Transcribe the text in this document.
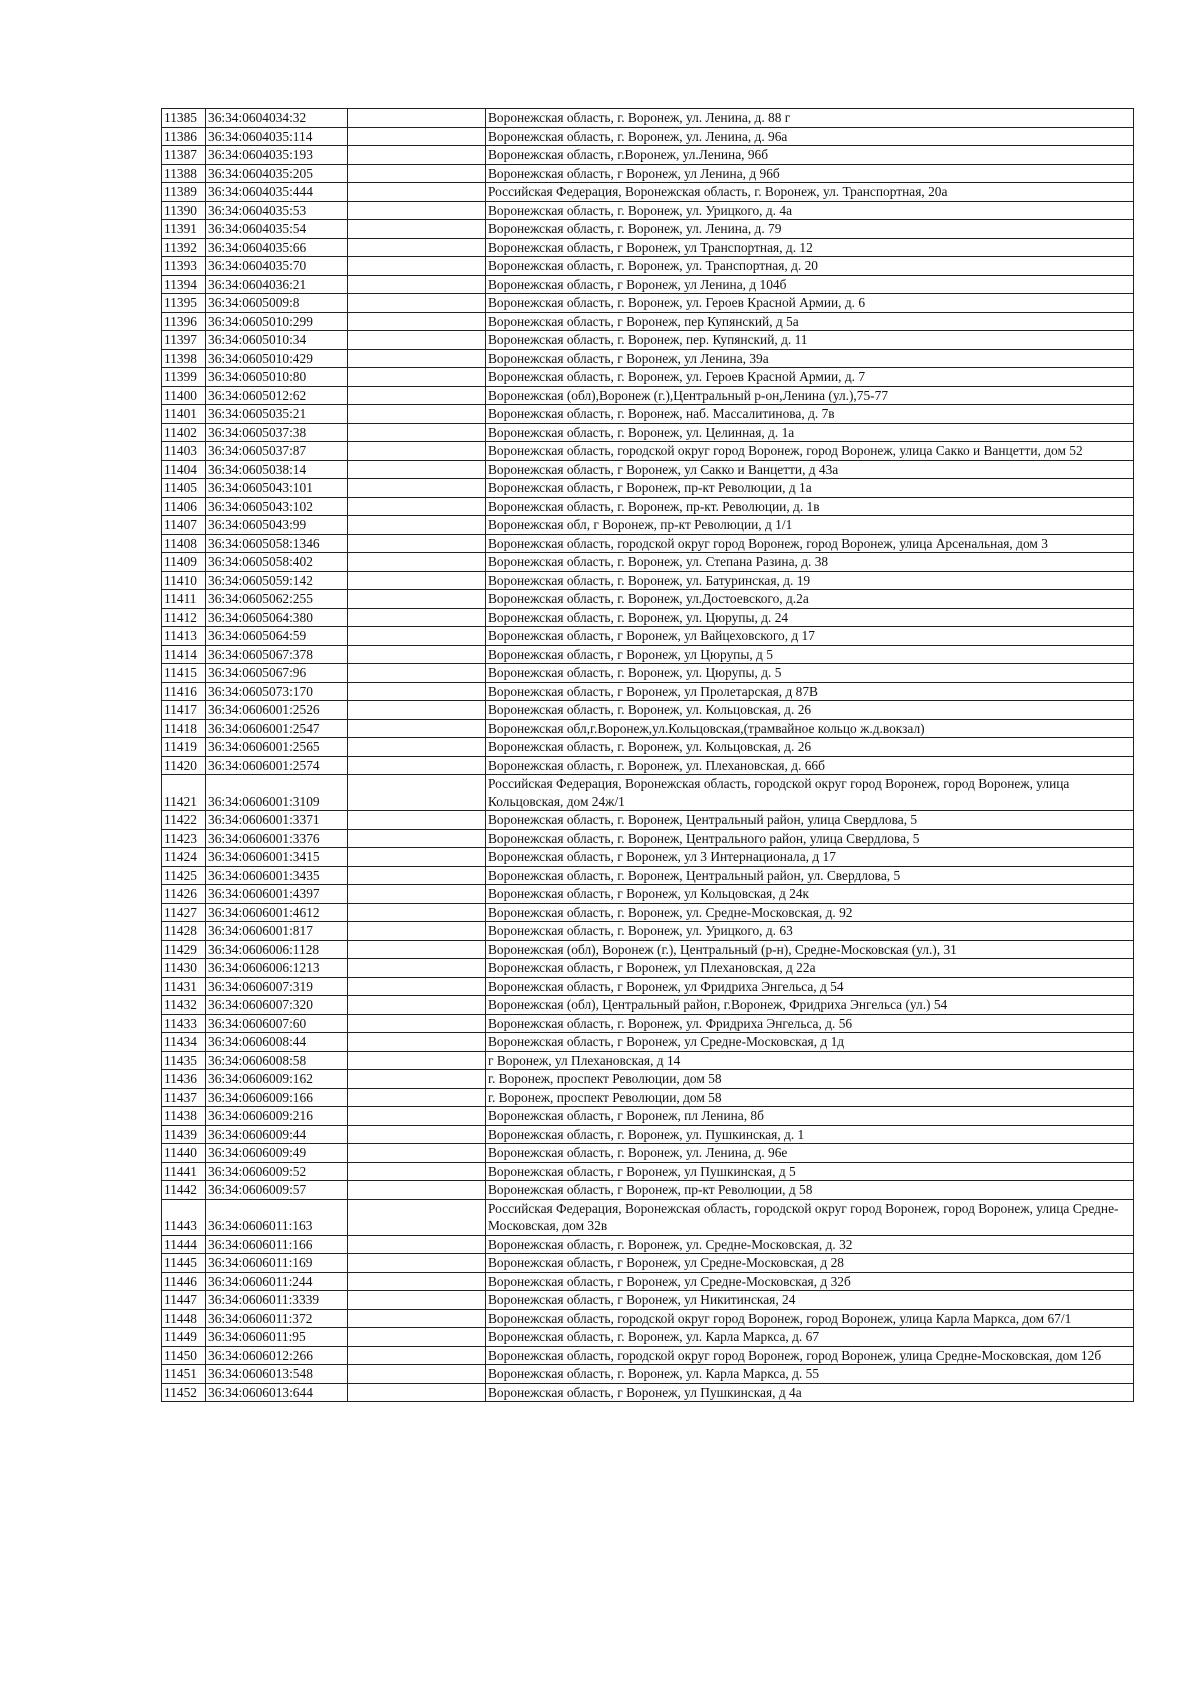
11385	36:34:0604034:32		Воронежская область, г. Воронеж, ул. Ленина, д. 88 г
11386	36:34:0604035:114		Воронежская область, г. Воронеж, ул. Ленина, д. 96а
11387	36:34:0604035:193		Воронежская область, г.Воронеж, ул.Ленина, 96б
11388	36:34:0604035:205		Воронежская область, г Воронеж, ул Ленина, д 96б
11389	36:34:0604035:444		Российская Федерация, Воронежская область, г. Воронеж, ул. Транспортная, 20а
11390	36:34:0604035:53		Воронежская область, г. Воронеж, ул. Урицкого, д. 4а
11391	36:34:0604035:54		Воронежская область, г. Воронеж, ул. Ленина, д. 79
11392	36:34:0604035:66		Воронежская область, г Воронеж, ул Транспортная, д. 12
11393	36:34:0604035:70		Воронежская область, г. Воронеж, ул. Транспортная, д. 20
11394	36:34:0604036:21		Воронежская область, г Воронеж, ул Ленина, д 104б
11395	36:34:0605009:8		Воронежская область, г. Воронеж, ул. Героев Красной Армии, д. 6
11396	36:34:0605010:299		Воронежская область, г Воронеж, пер Купянский, д 5а
11397	36:34:0605010:34		Воронежская область, г. Воронеж, пер. Купянский, д. 11
11398	36:34:0605010:429		Воронежская область, г Воронеж, ул Ленина, 39а
11399	36:34:0605010:80		Воронежская область, г. Воронеж, ул. Героев Красной Армии, д. 7
11400	36:34:0605012:62		Воронежская (обл),Воронеж (г.),Центральный р-он,Ленина (ул.),75-77
11401	36:34:0605035:21		Воронежская область, г. Воронеж, наб. Массалитинова, д. 7в
11402	36:34:0605037:38		Воронежская область, г. Воронеж, ул. Целинная, д. 1а
11403	36:34:0605037:87		Воронежская область, городской округ город Воронеж, город Воронеж, улица Сакко и Ванцетти, дом 52
11404	36:34:0605038:14		Воронежская область, г Воронеж, ул Сакко и Ванцетти, д 43а
11405	36:34:0605043:101		Воронежская область, г Воронеж, пр-кт Революции, д 1а
11406	36:34:0605043:102		Воронежская область, г. Воронеж, пр-кт. Революции, д. 1в
11407	36:34:0605043:99		Воронежская обл, г Воронеж, пр-кт Революции, д 1/1
11408	36:34:0605058:1346		Воронежская область, городской округ город Воронеж, город Воронеж, улица Арсенальная, дом 3
11409	36:34:0605058:402		Воронежская область, г. Воронеж, ул. Степана Разина, д. 38
11410	36:34:0605059:142		Воронежская область, г. Воронеж, ул. Батуринская, д. 19
11411	36:34:0605062:255		Воронежская область, г. Воронеж, ул.Достоевского, д.2а
11412	36:34:0605064:380		Воронежская область, г. Воронеж, ул. Цюрупы, д. 24
11413	36:34:0605064:59		Воронежская область, г Воронеж, ул Вайцеховского, д 17
11414	36:34:0605067:378		Воронежская область, г Воронеж, ул Цюрупы, д 5
11415	36:34:0605067:96		Воронежская область, г. Воронеж, ул. Цюрупы, д. 5
11416	36:34:0605073:170		Воронежская область, г Воронеж, ул Пролетарская, д 87В
11417	36:34:0606001:2526		Воронежская область, г. Воронеж, ул. Кольцовская, д. 26
11418	36:34:0606001:2547		Воронежская обл,г.Воронеж,ул.Кольцовская,(трамвайное кольцо ж.д.вокзал)
11419	36:34:0606001:2565		Воронежская область, г. Воронеж, ул. Кольцовская, д. 26
11420	36:34:0606001:2574		Воронежская область, г. Воронеж, ул. Плехановская, д. 66б
11421	36:34:0606001:3109		Российская Федерация, Воронежская область, городской округ город Воронеж, город Воронеж, улица Кольцовская, дом 24ж/1
11422	36:34:0606001:3371		Воронежская область, г. Воронеж, Центральный район, улица Свердлова, 5
11423	36:34:0606001:3376		Воронежская область, г. Воронеж, Центрального район, улица Свердлова, 5
11424	36:34:0606001:3415		Воронежская область, г Воронеж, ул 3 Интернационала, д 17
11425	36:34:0606001:3435		Воронежская область, г. Воронеж, Центральный район, ул. Свердлова, 5
11426	36:34:0606001:4397		Воронежская область, г Воронеж, ул Кольцовская, д 24к
11427	36:34:0606001:4612		Воронежская область, г. Воронеж, ул. Средне-Московская, д. 92
11428	36:34:0606001:817		Воронежская область, г. Воронеж, ул. Урицкого, д. 63
11429	36:34:0606006:1128		Воронежская (обл), Воронеж (г.), Центральный (р-н), Средне-Московская (ул.), 31
11430	36:34:0606006:1213		Воронежская область, г Воронеж, ул Плехановская, д 22а
11431	36:34:0606007:319		Воронежская область, г Воронеж, ул Фридриха Энгельса, д 54
11432	36:34:0606007:320		Воронежская (обл), Центральный район, г.Воронеж, Фридриха Энгельса (ул.) 54
11433	36:34:0606007:60		Воронежская область, г. Воронеж, ул. Фридриха Энгельса, д. 56
11434	36:34:0606008:44		Воронежская область, г Воронеж, ул Средне-Московская, д 1д
11435	36:34:0606008:58		г Воронеж, ул Плехановская, д 14
11436	36:34:0606009:162		г. Воронеж, проспект Революции, дом 58
11437	36:34:0606009:166		г. Воронеж, проспект Революции, дом 58
11438	36:34:0606009:216		Воронежская область, г Воронеж, пл Ленина, 8б
11439	36:34:0606009:44		Воронежская область, г. Воронеж, ул. Пушкинская, д. 1
11440	36:34:0606009:49		Воронежская область, г. Воронеж, ул. Ленина, д. 96е
11441	36:34:0606009:52		Воронежская область, г Воронеж, ул Пушкинская, д 5
11442	36:34:0606009:57		Воронежская область, г Воронеж, пр-кт Революции, д 58
11443	36:34:0606011:163		Российская Федерация, Воронежская область, городской округ город Воронеж, город Воронеж, улица Средне-Московская, дом 32в
11444	36:34:0606011:166		Воронежская область, г. Воронеж, ул. Средне-Московская, д. 32
11445	36:34:0606011:169		Воронежская область, г Воронеж, ул Средне-Московская, д 28
11446	36:34:0606011:244		Воронежская область, г Воронеж, ул Средне-Московская, д 32б
11447	36:34:0606011:3339		Воронежская область, г Воронеж, ул Никитинская, 24
11448	36:34:0606011:372		Воронежская область, городской округ город Воронеж, город Воронеж, улица Карла Маркса, дом 67/1
11449	36:34:0606011:95		Воронежская область, г. Воронеж, ул. Карла Маркса, д. 67
11450	36:34:0606012:266		Воронежская область, городской округ город Воронеж, город Воронеж, улица Средне-Московская, дом 12б
11451	36:34:0606013:548		Воронежская область, г. Воронеж, ул. Карла Маркса, д. 55
11452	36:34:0606013:644		Воронежская область, г Воронеж, ул Пушкинская, д 4а
